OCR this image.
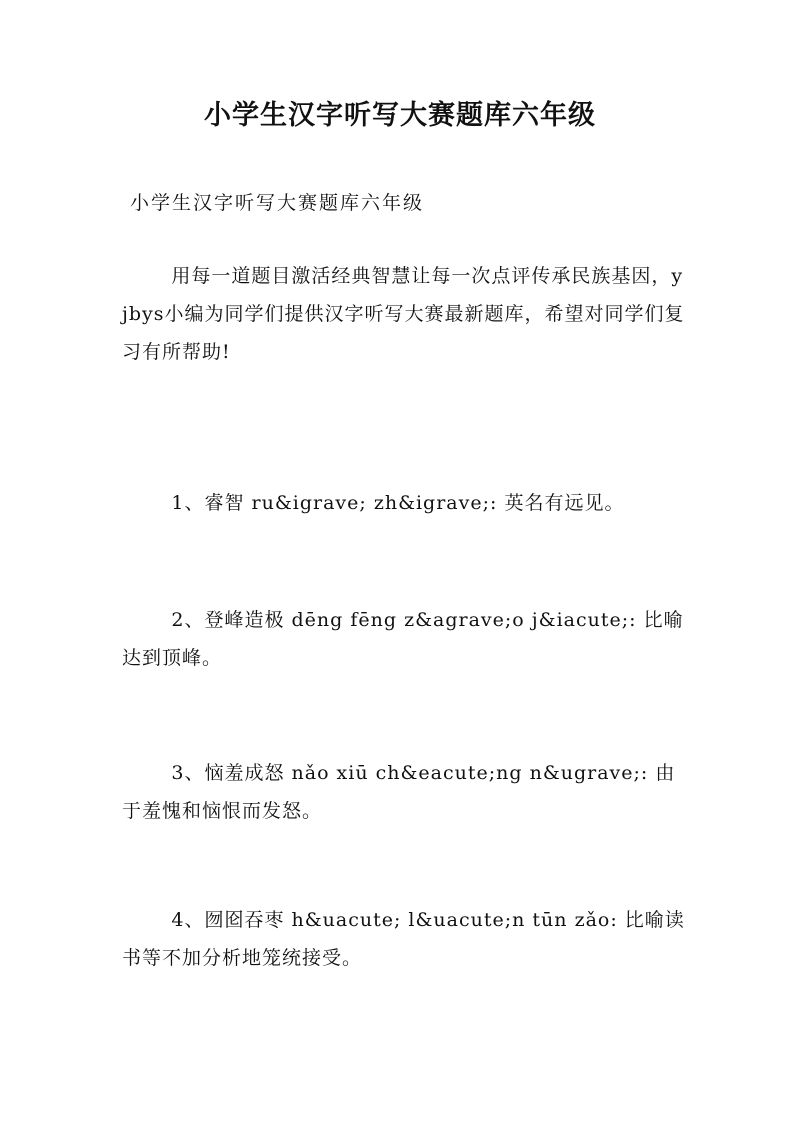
小学生汉字听写大赛题库六年级

小学生汉字听写大赛题库六年级

用每一道题目激活经典智慧让每一次点评传承民族基因，yjbys小编为同学们提供汉字听写大赛最新题库，希望对同学们复习有所帮助!

1、睿智 ru&igrave; zh&igrave;: 英名有远见。

2、登峰造极 dēng fēng z&agrave;o j&iacute;: 比喻达到顶峰。

3、恼羞成怒 nǎo xiū ch&eacute;ng n&ugrave;: 由于羞愧和恼恨而发怒。

4、囫囵吞枣 h&uacute; l&uacute;n tūn zǎo: 比喻读书等不加分析地笼统接受。
